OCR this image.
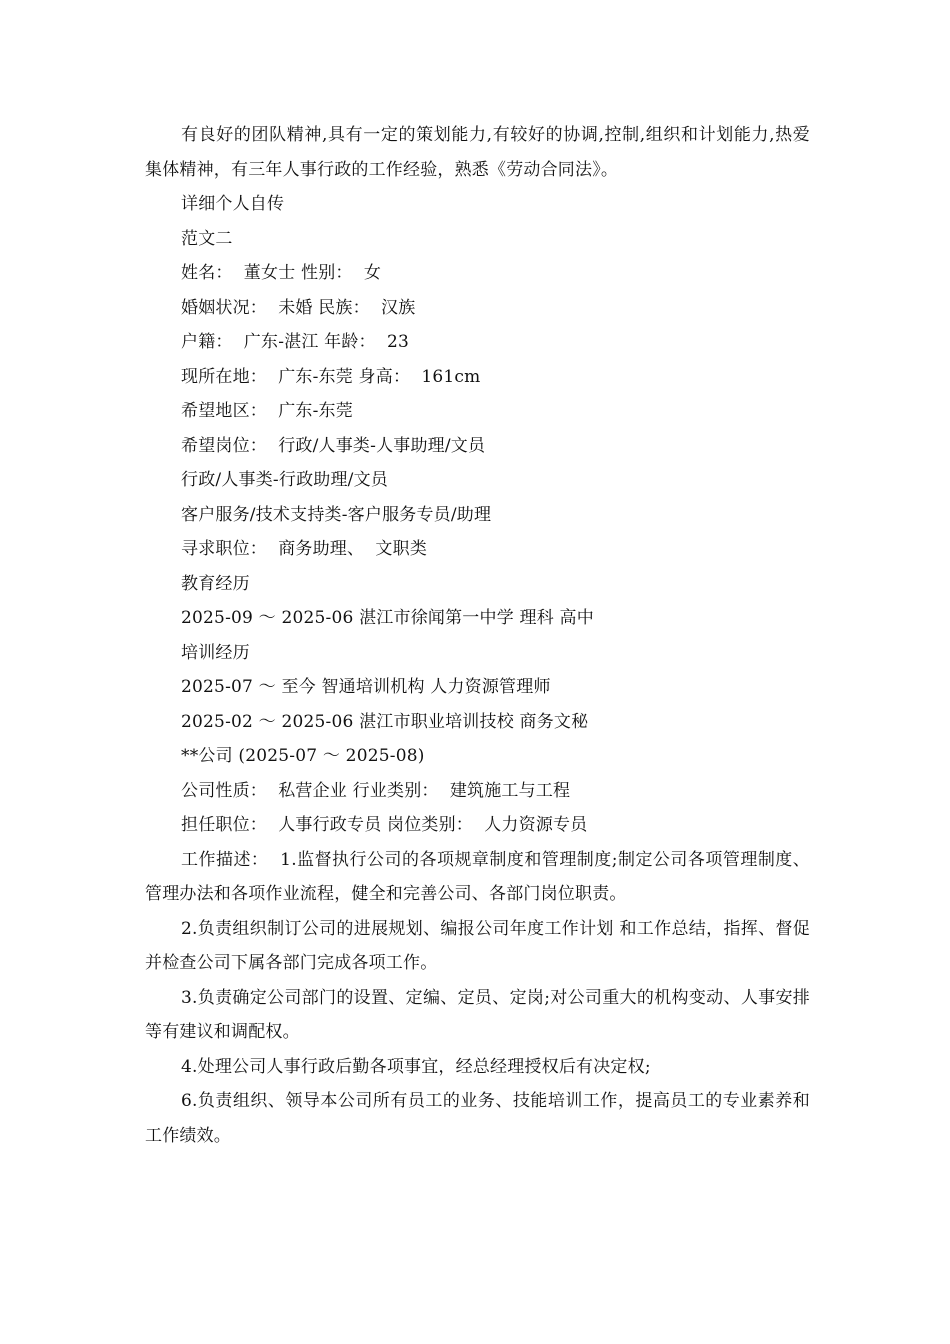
有良好的团队精神,具有一定的策划能力,有较好的协调,控制,组织和计划能力,热爱集体精神，有三年人事行政的工作经验，熟悉《劳动合同法》。

详细个人自传

范文二

姓名：  董女士 性别：  女

婚姻状况：  未婚 民族：  汉族

户籍：  广东-湛江 年龄：  23

现所在地：  广东-东莞 身高：  161cm

希望地区：  广东-东莞

希望岗位：  行政/人事类-人事助理/文员

行政/人事类-行政助理/文员

客户服务/技术支持类-客户服务专员/助理

寻求职位：  商务助理、  文职类

教育经历

2025-09 ～ 2025-06 湛江市徐闻第一中学 理科 高中

培训经历

2025-07 ～ 至今 智通培训机构 人力资源管理师

2025-02 ～ 2025-06 湛江市职业培训技校 商务文秘

**公司 (2025-07 ～ 2025-08)

公司性质：  私营企业 行业类别：  建筑施工与工程

担任职位：  人事行政专员 岗位类别：  人力资源专员

工作描述：  1.监督执行公司的各项规章制度和管理制度;制定公司各项管理制度、管理办法和各项作业流程，健全和完善公司、各部门岗位职责。

2.负责组织制订公司的进展规划、编报公司年度工作计划 和工作总结，指挥、督促并检查公司下属各部门完成各项工作。

3.负责确定公司部门的设置、定编、定员、定岗;对公司重大的机构变动、人事安排等有建议和调配权。

4.处理公司人事行政后勤各项事宜，经总经理授权后有决定权;

6.负责组织、领导本公司所有员工的业务、技能培训工作，提高员工的专业素养和工作绩效。
